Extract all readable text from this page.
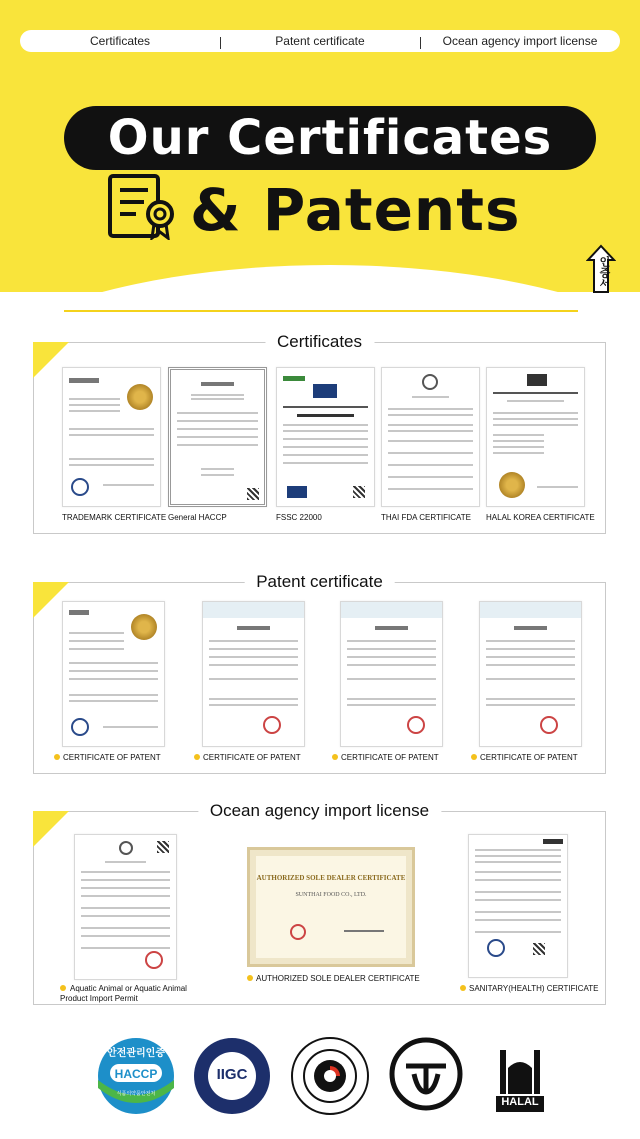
Certificates	Patent certificate	Ocean agency import license
Our Certificates
& Patents
인증서
Certificates
TRADEMARK CERTIFICATE General HACCP	FSSC 22000	THAI FDA CERTIFICATE	HALAL KOREA CERTIFICATE
Patent certificate
CERTIFICATE OF PATENT	CERTIFICATE OF PATENT	CERTIFICATE OF PATENT	CERTIFICATE OF PATENT
Ocean agency import license
AUTHORIZED SOLE DEALER CERTIFICATE
SUNTHAI FOOD CO., LTD.
Aquatic Animal or Aquatic Animal Product Import Permit
AUTHORIZED SOLE DEALER CERTIFICATE
SANITARY(HEALTH) CERTIFICATE
안전관리인증
HACCP
식품의약품안전처
IIGC
HALAL
